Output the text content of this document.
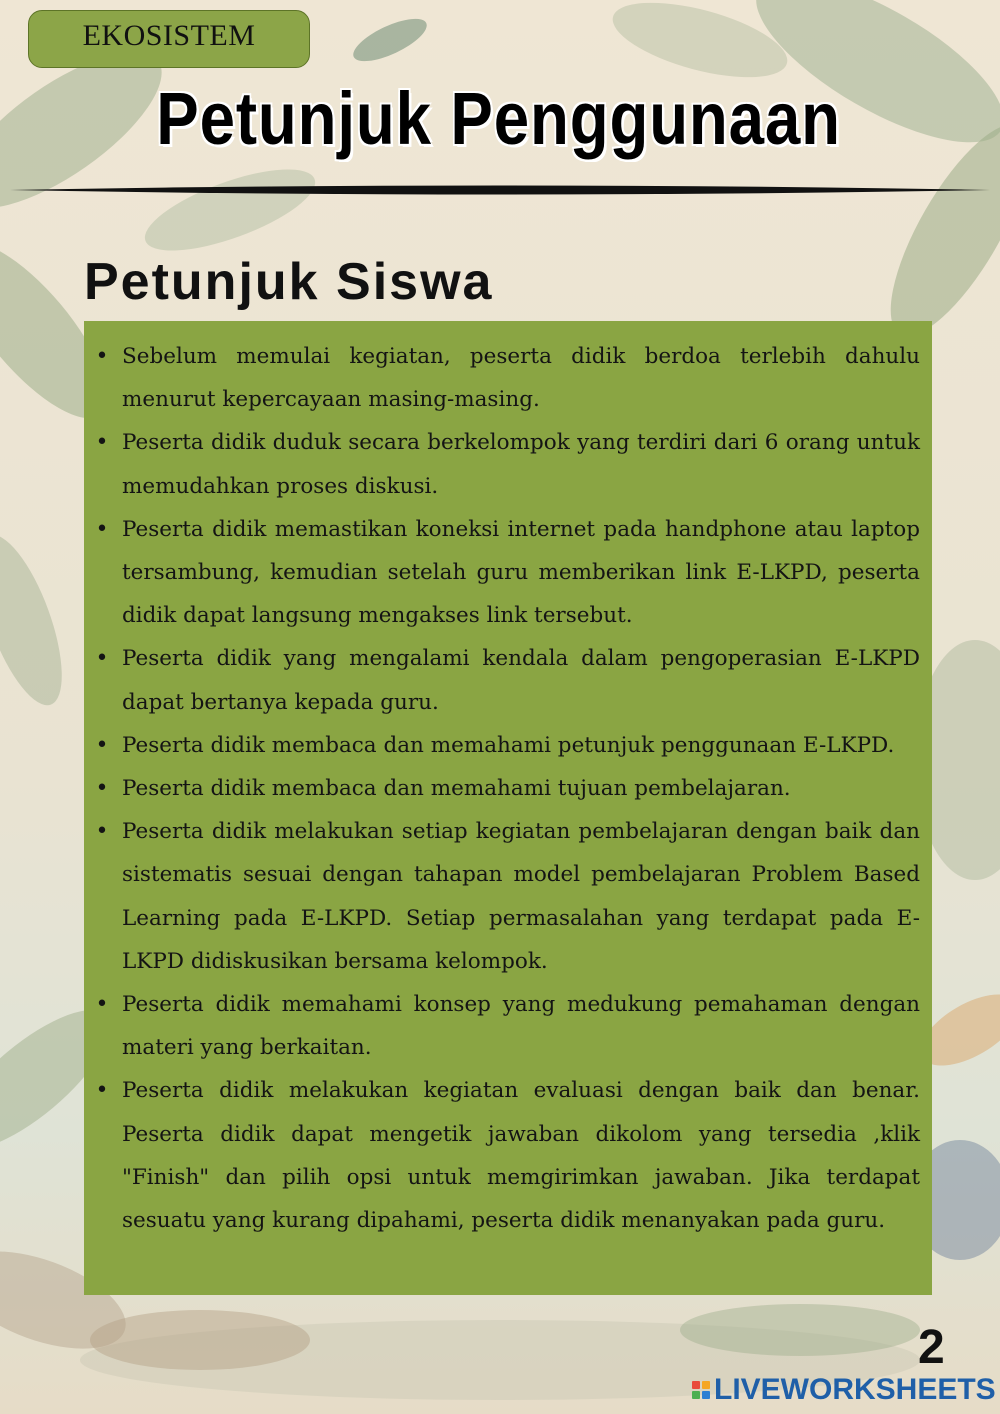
EKOSISTEM
Petunjuk Penggunaan
Petunjuk Siswa
• Sebelum memulai kegiatan, peserta didik berdoa terlebih dahulu menurut kepercayaan masing-masing.
• Peserta didik duduk secara berkelompok yang terdiri dari 6 orang untuk memudahkan proses diskusi.
• Peserta didik memastikan koneksi internet pada handphone atau laptop tersambung, kemudian setelah guru memberikan link E-LKPD, peserta didik dapat langsung mengakses link tersebut.
• Peserta didik yang mengalami kendala dalam pengoperasian E-LKPD dapat bertanya kepada guru.
• Peserta didik membaca dan memahami petunjuk penggunaan E-LKPD.
• Peserta didik membaca dan memahami tujuan pembelajaran.
• Peserta didik melakukan setiap kegiatan pembelajaran dengan baik dan sistematis sesuai dengan tahapan model pembelajaran Problem Based Learning pada E-LKPD. Setiap permasalahan yang terdapat pada E-LKPD didiskusikan bersama kelompok.
• Peserta didik memahami konsep yang medukung pemahaman dengan materi yang berkaitan.
• Peserta didik melakukan kegiatan evaluasi dengan baik dan benar. Peserta didik dapat mengetik jawaban dikolom yang tersedia ,klik "Finish" dan pilih opsi untuk memgirimkan jawaban. Jika terdapat sesuatu yang kurang dipahami, peserta didik menanyakan pada guru.
2
LIVEWORKSHEETS
